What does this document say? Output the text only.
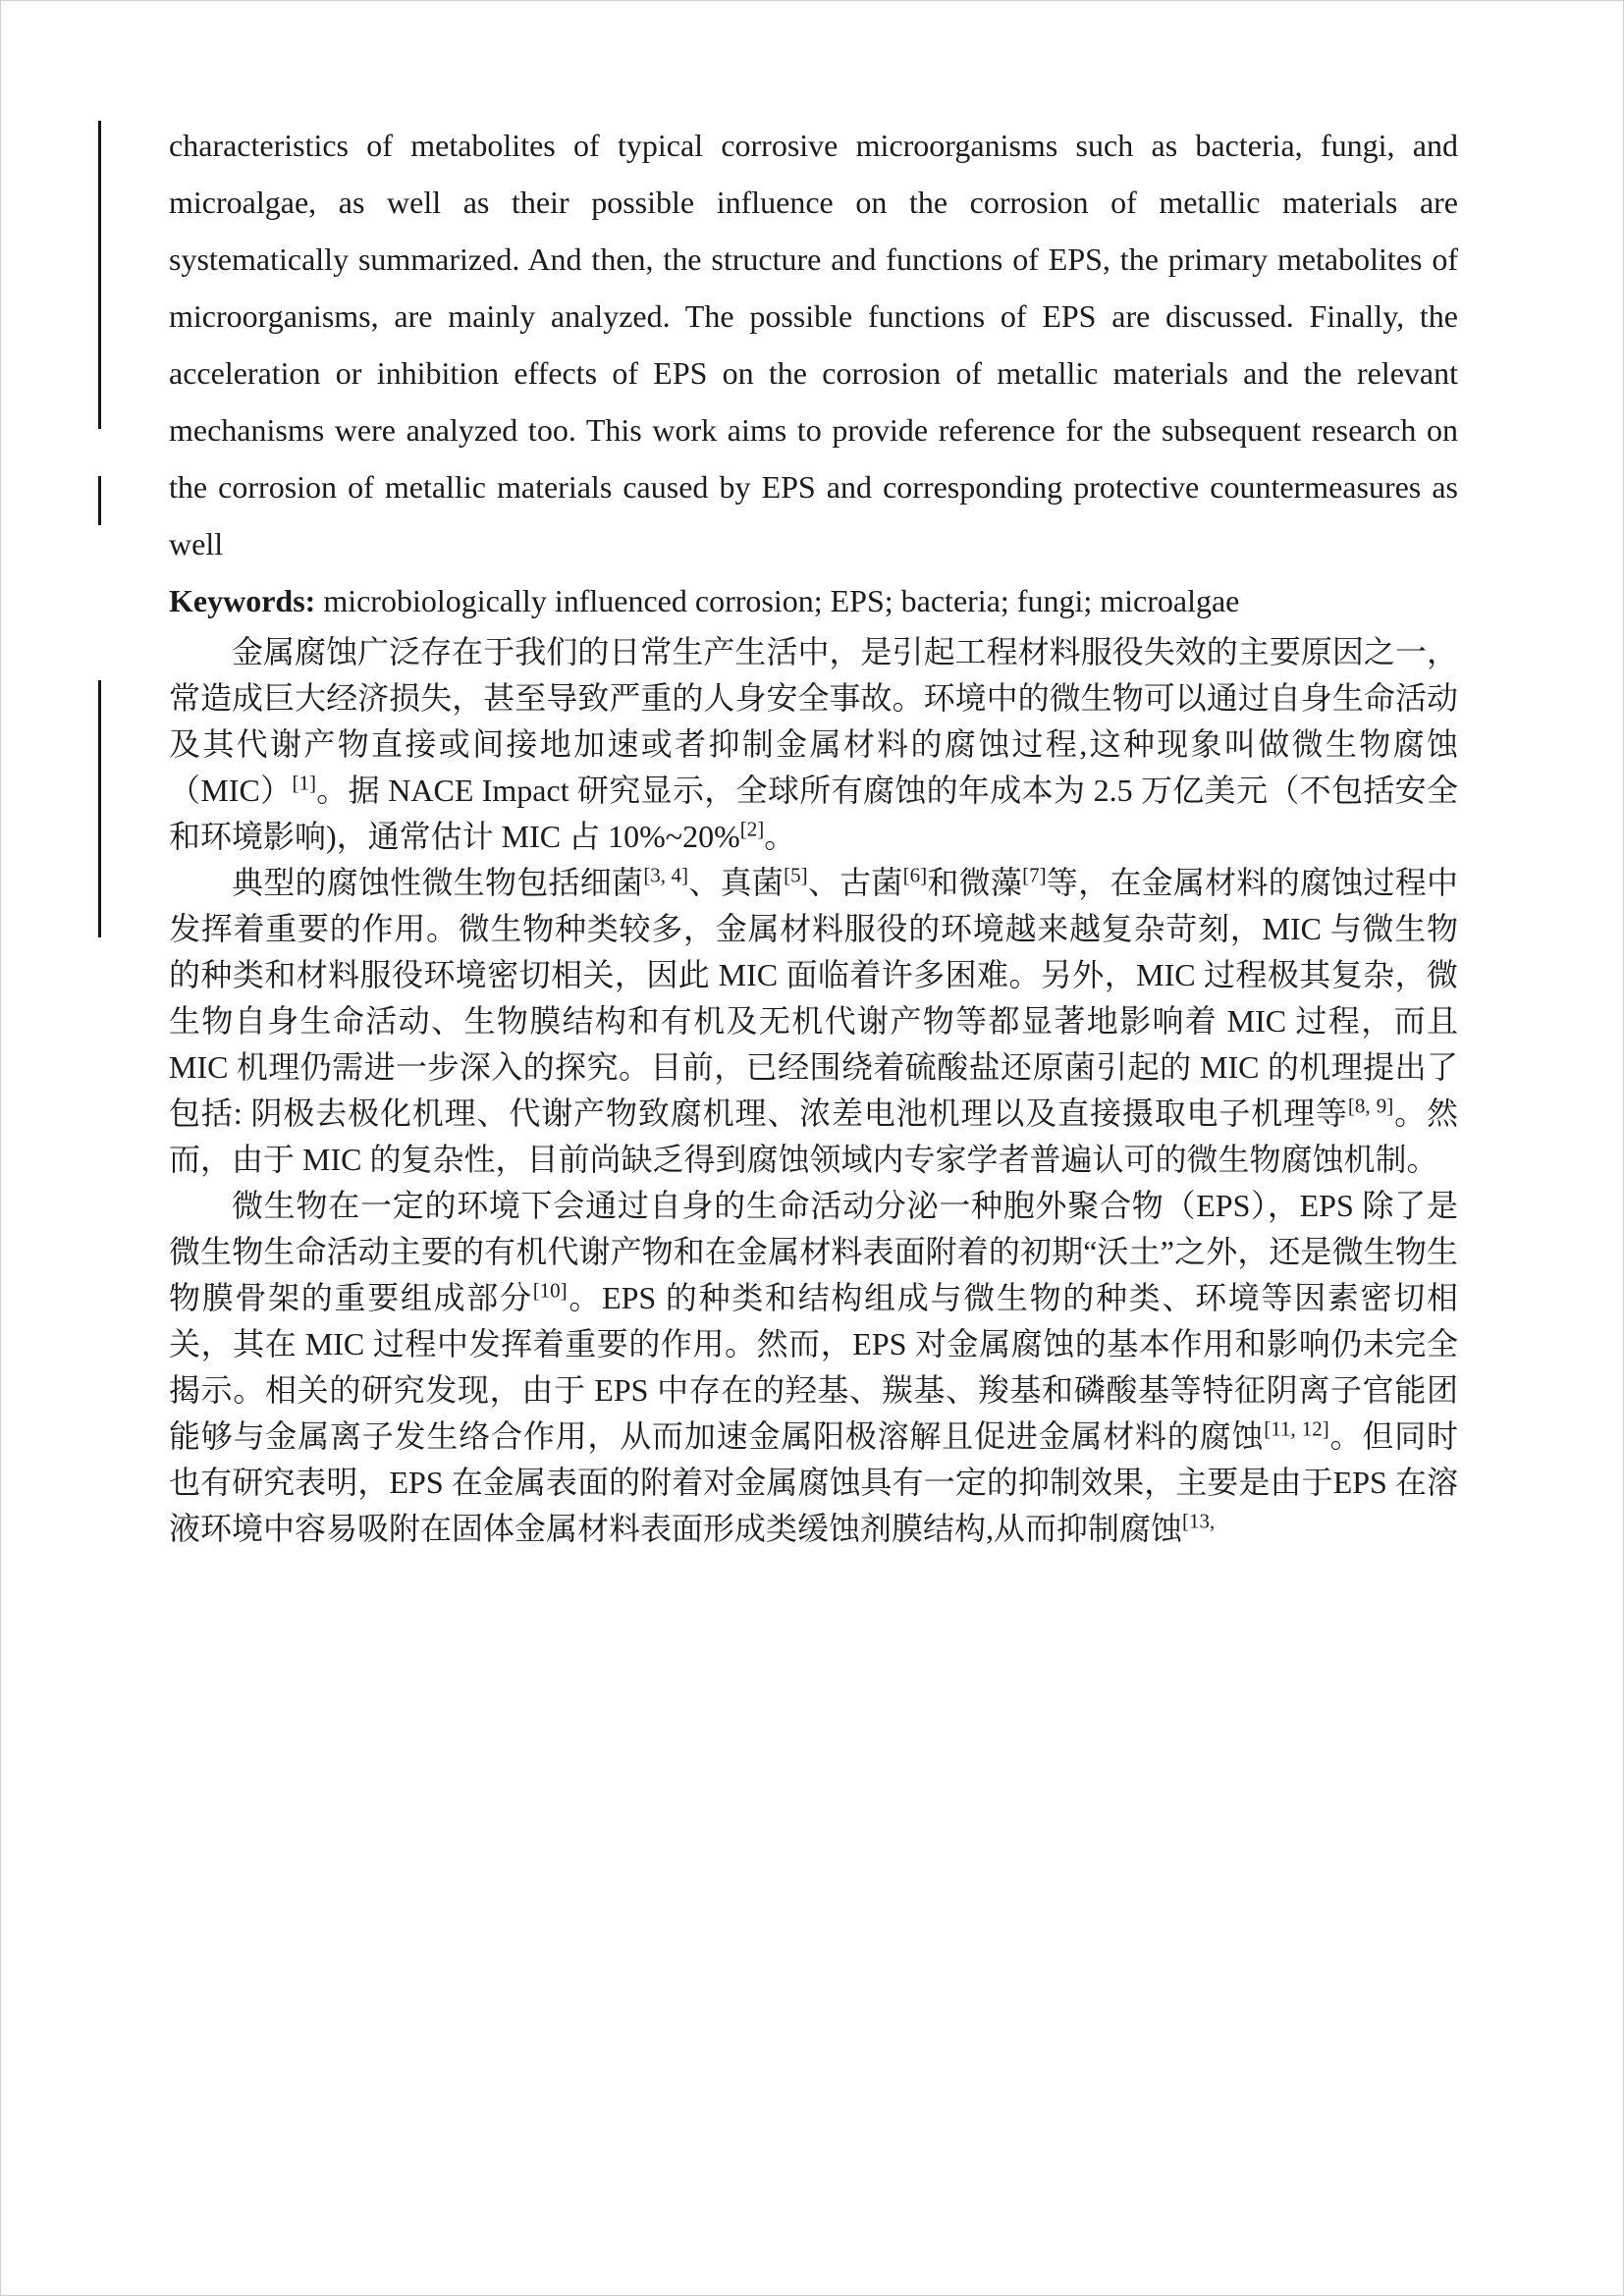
characteristics of metabolites of typical corrosive microorganisms such as bacteria, fungi, and microalgae, as well as their possible influence on the corrosion of metallic materials are systematically summarized. And then, the structure and functions of EPS, the primary metabolites of microorganisms, are mainly analyzed. The possible functions of EPS are discussed. Finally, the acceleration or inhibition effects of EPS on the corrosion of metallic materials and the relevant mechanisms were analyzed too. This work aims to provide reference for the subsequent research on the corrosion of metallic materials caused by EPS and corresponding protective countermeasures as well

Keywords: microbiologically influenced corrosion; EPS; bacteria; fungi; microalgae

金属腐蚀广泛存在于我们的日常生产生活中，是引起工程材料服役失效的主要原因之一，常造成巨大经济损失，甚至导致严重的人身安全事故。环境中的微生物可以通过自身生命活动及其代谢产物直接或间接地加速或者抑制金属材料的腐蚀过程,这种现象叫做微生物腐蚀（MIC）[1]。据 NACE Impact 研究显示，全球所有腐蚀的年成本为 2.5 万亿美元（不包括安全和环境影响)，通常估计 MIC 占 10%~20%[2]。

典型的腐蚀性微生物包括细菌[3, 4]、真菌[5]、古菌[6]和微藻[7]等，在金属材料的腐蚀过程中发挥着重要的作用。微生物种类较多，金属材料服役的环境越来越复杂苛刻，MIC 与微生物的种类和材料服役环境密切相关，因此 MIC 面临着许多困难。另外，MIC 过程极其复杂，微生物自身生命活动、生物膜结构和有机及无机代谢产物等都显著地影响着 MIC 过程，而且 MIC 机理仍需进一步深入的探究。目前，已经围绕着硫酸盐还原菌引起的 MIC 的机理提出了包括: 阴极去极化机理、代谢产物致腐机理、浓差电池机理以及直接摄取电子机理等[8, 9]。然而，由于 MIC 的复杂性，目前尚缺乏得到腐蚀领域内专家学者普遍认可的微生物腐蚀机制。

微生物在一定的环境下会通过自身的生命活动分泌一种胞外聚合物（EPS），EPS 除了是微生物生命活动主要的有机代谢产物和在金属材料表面附着的初期“沃土”之外，还是微生物生物膜骨架的重要组成部分[10]。EPS 的种类和结构组成与微生物的种类、环境等因素密切相关，其在 MIC 过程中发挥着重要的作用。然而，EPS 对金属腐蚀的基本作用和影响仍未完全揭示。相关的研究发现，由于 EPS 中存在的羟基、羰基、羧基和磷酸基等特征阴离子官能团能够与金属离子发生络合作用，从而加速金属阳极溶解且促进金属材料的腐蚀[11, 12]。但同时也有研究表明，EPS 在金属表面的附着对金属腐蚀具有一定的抑制效果，主要是由于EPS 在溶液环境中容易吸附在固体金属材料表面形成类缓蚀剂膜结构,从而抑制腐蚀$^{[13,}$
